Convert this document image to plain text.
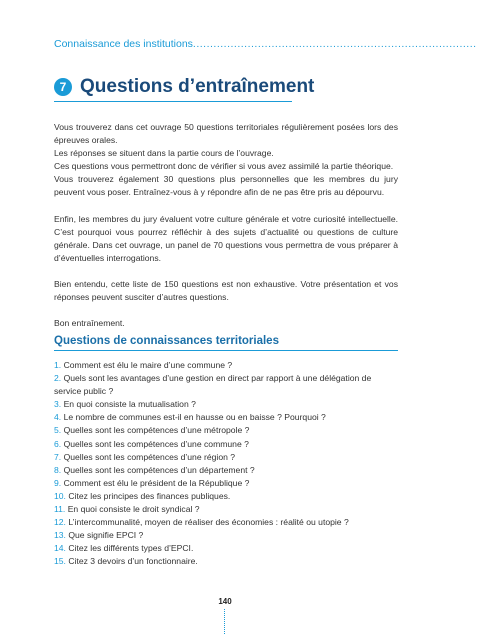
Connaissance des institutions...................................................................................
7 Questions d’entraînement

Vous trouverez dans cet ouvrage 50 questions territoriales régulièrement posées lors des épreuves orales.
Les réponses se situent dans la partie cours de l’ouvrage.
Ces questions vous permettront donc de vérifier si vous avez assimilé la partie théorique.
Vous trouverez également 30 questions plus personnelles que les membres du jury peuvent vous poser. Entraînez-vous à y répondre afin de ne pas être pris au dépourvu.

Enfin, les membres du jury évaluent votre culture générale et votre curiosité intellectuelle. C’est pourquoi vous pourrez réfléchir à des sujets d’actualité ou questions de culture générale. Dans cet ouvrage, un panel de 70 questions vous permettra de vous préparer à d’éventuelles interrogations.

Bien entendu, cette liste de 150 questions est non exhaustive. Votre présentation et vos réponses peuvent susciter d’autres questions.

Bon entraînement.

Questions de connaissances territoriales
1. Comment est élu le maire d’une commune ?
2. Quels sont les avantages d’une gestion en direct par rapport à une délégation de service public ?
3. En quoi consiste la mutualisation ?
4. Le nombre de communes est-il en hausse ou en baisse ? Pourquoi ?
5. Quelles sont les compétences d’une métropole ?
6. Quelles sont les compétences d’une commune ?
7. Quelles sont les compétences d’une région ?
8. Quelles sont les compétences d’un département ?
9. Comment est élu le président de la République ?
10. Citez les principes des finances publiques.
11. En quoi consiste le droit syndical ?
12. L’intercommunalité, moyen de réaliser des économies : réalité ou utopie ?
13. Que signifie EPCI ?
14. Citez les différents types d’EPCI.
15. Citez 3 devoirs d’un fonctionnaire.
140
